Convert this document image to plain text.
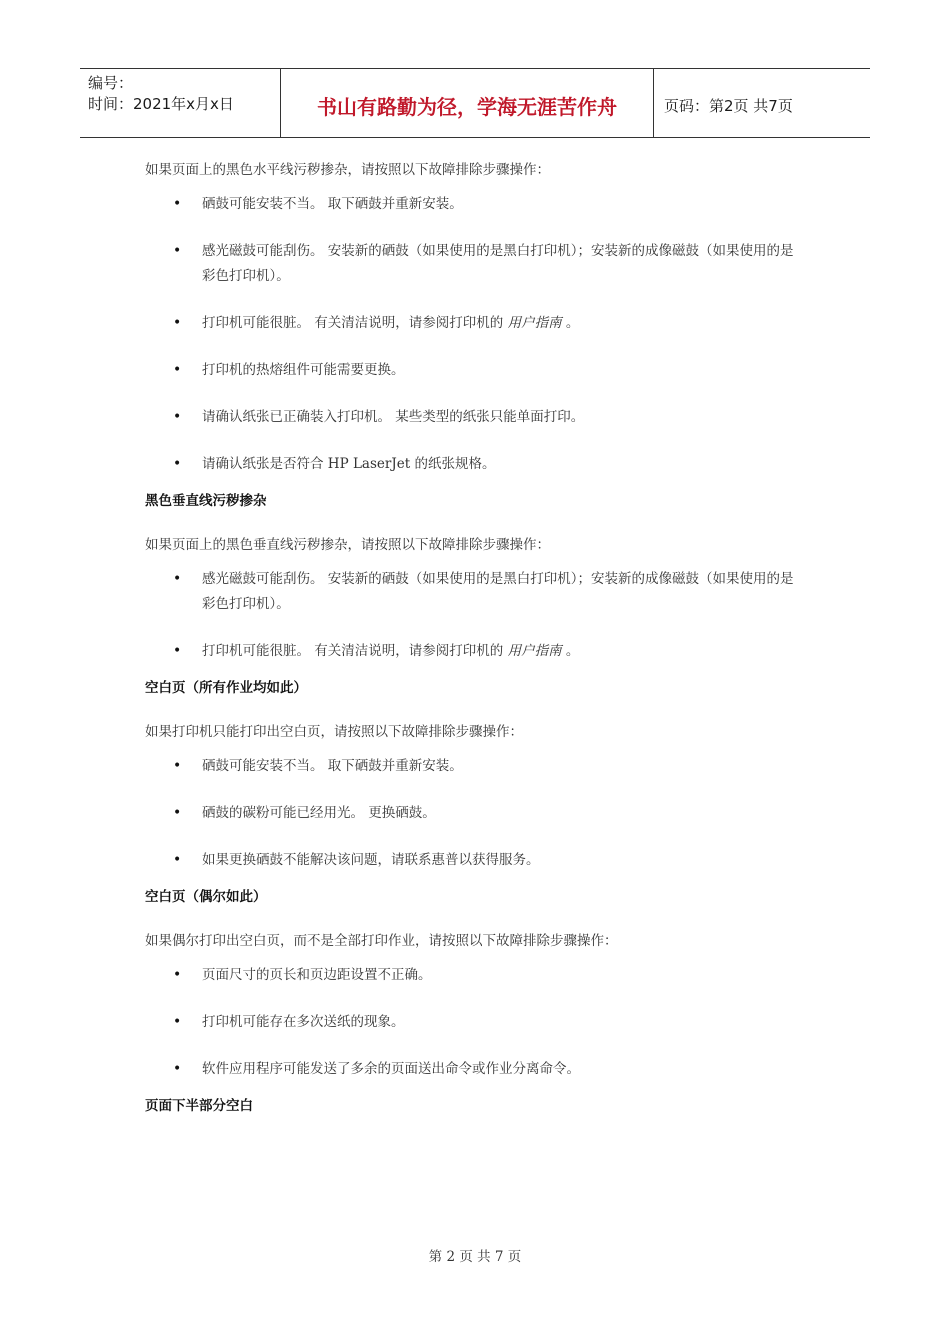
编号：
时间：2021年x月x日	书山有路勤为径，学海无涯苦作舟	页码：第2页 共7页

如果页面上的黑色水平线污秽掺杂，请按照以下故障排除步骤操作：

• 硒鼓可能安装不当。 取下硒鼓并重新安装。
• 感光磁鼓可能刮伤。 安装新的硒鼓（如果使用的是黑白打印机）；安装新的成像磁鼓（如果使用的是彩色打印机）。
• 打印机可能很脏。 有关清洁说明，请参阅打印机的 用户指南 。
• 打印机的热熔组件可能需要更换。
• 请确认纸张已正确装入打印机。 某些类型的纸张只能单面打印。
• 请确认纸张是否符合 HP LaserJet 的纸张规格。
黑色垂直线污秽掺杂

如果页面上的黑色垂直线污秽掺杂，请按照以下故障排除步骤操作：

• 感光磁鼓可能刮伤。 安装新的硒鼓（如果使用的是黑白打印机）；安装新的成像磁鼓（如果使用的是彩色打印机）。
• 打印机可能很脏。 有关清洁说明，请参阅打印机的 用户指南 。
空白页（所有作业均如此）

如果打印机只能打印出空白页，请按照以下故障排除步骤操作：

• 硒鼓可能安装不当。 取下硒鼓并重新安装。
• 硒鼓的碳粉可能已经用光。 更换硒鼓。
• 如果更换硒鼓不能解决该问题，请联系惠普以获得服务。
空白页（偶尔如此）

如果偶尔打印出空白页，而不是全部打印作业，请按照以下故障排除步骤操作：

• 页面尺寸的页长和页边距设置不正确。
• 打印机可能存在多次送纸的现象。
• 软件应用程序可能发送了多余的页面送出命令或作业分离命令。
页面下半部分空白
第 2 页 共 7 页
